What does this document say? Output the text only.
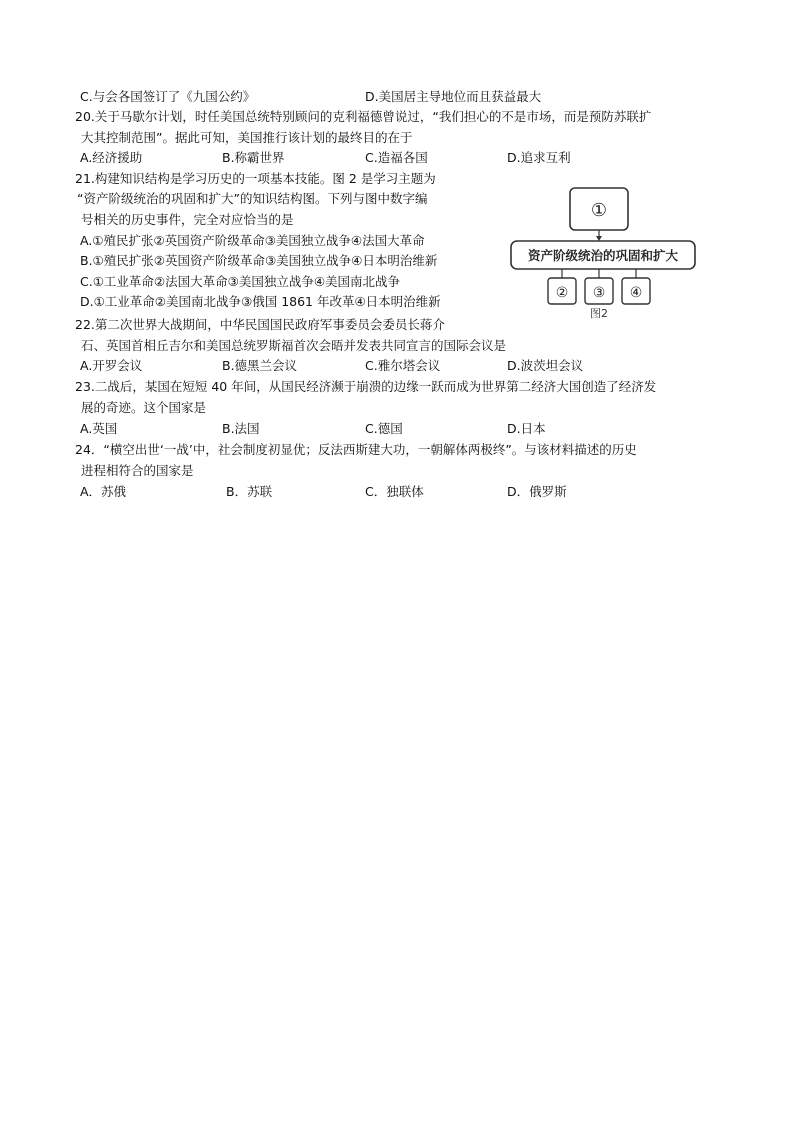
C.与会各国签订了《九国公约》	D.美国居主导地位而且获益最大
20.关于马歇尔计划，时任美国总统特别顾问的克利福德曾说过，“我们担心的不是市场，而是预防苏联扩
大其控制范围”。据此可知，美国推行该计划的最终目的在于
A.经济援助	B.称霸世界	C.造福各国	D.追求互利
21.构建知识结构是学习历史的一项基本技能。图 2 是学习主题为
“资产阶级统治的巩固和扩大”的知识结构图。下列与图中数字编
号相关的历史事件，完全对应恰当的是
A.①殖民扩张②英国资产阶级革命③美国独立战争④法国大革命
B.①殖民扩张②英国资产阶级革命③美国独立战争④日本明治维新
C.①工业革命②法国大革命③美国独立战争④美国南北战争
D.①工业革命②美国南北战争③俄国 1861 年改革④日本明治维新
①
资产阶级统治的巩固和扩大
② ③ ④
图2
22.第二次世界大战期间，中华民国国民政府军事委员会委员长蒋介
石、英国首相丘吉尔和美国总统罗斯福首次会晤并发表共同宣言的国际会议是
A.开罗会议	B.德黑兰会议	C.雅尔塔会议	D.波茨坦会议
23.二战后，某国在短短 40 年间，从国民经济濒于崩溃的边缘一跃而成为世界第二经济大国创造了经济发
展的奇迹。这个国家是
A.英国	B.法国	C.德国	D.日本
24．“横空出世‘一战’中，社会制度初显优；反法西斯建大功，一朝解体两极终”。与该材料描述的历史
进程相符合的国家是
A．苏俄	B．苏联	C．独联体	D．俄罗斯
